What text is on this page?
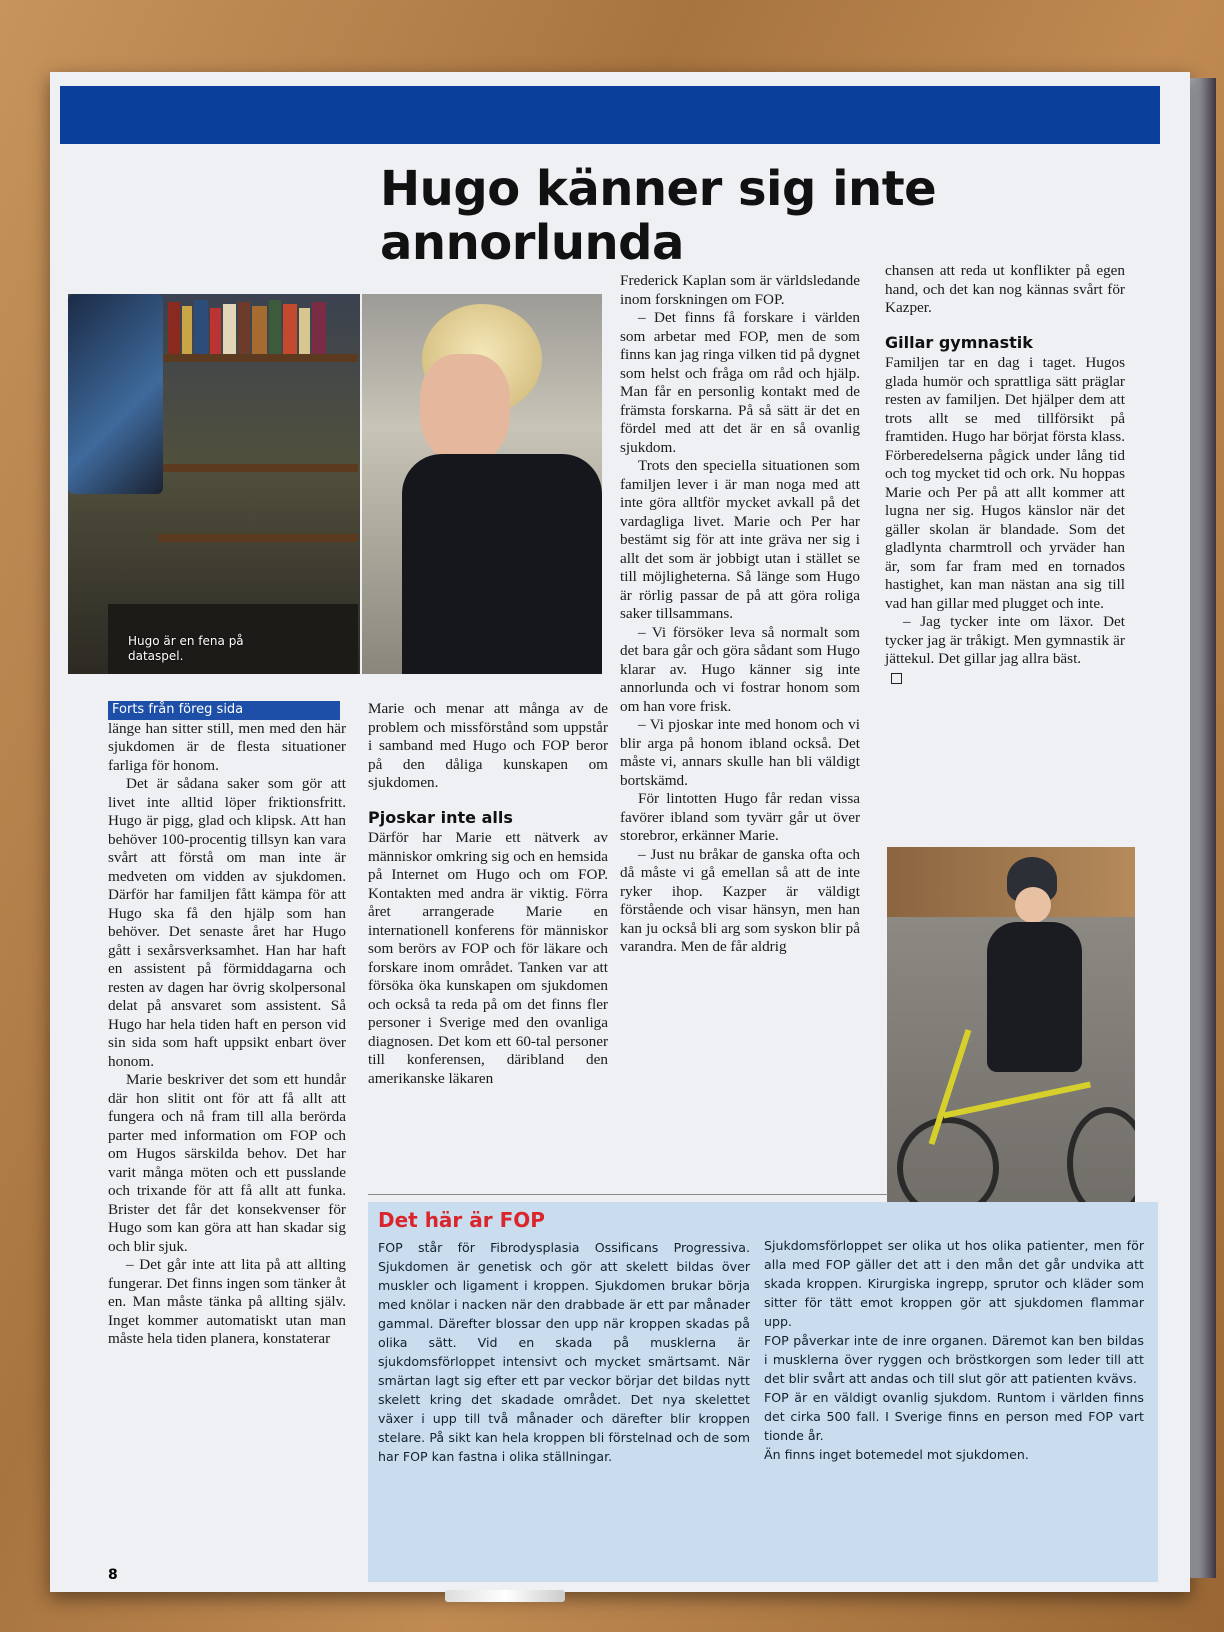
Hugo känner sig inte annorlunda
Hugo är en fena på dataspel.

Forts från föreg sida

länge han sitter still, men med den här sjukdomen är de flesta situationer farliga för honom.

Det är sådana saker som gör att livet inte alltid löper friktionsfritt. Hugo är pigg, glad och klipsk. Att han behöver 100-procentig tillsyn kan vara svårt att förstå om man inte är medveten om vidden av sjukdomen. Därför har familjen fått kämpa för att Hugo ska få den hjälp som han behöver. Det senaste året har Hugo gått i sexårsverksamhet. Han har haft en assistent på förmiddagarna och resten av dagen har övrig skolpersonal delat på ansvaret som assistent. Så Hugo har hela tiden haft en person vid sin sida som haft uppsikt enbart över honom.

Marie beskriver det som ett hundår där hon slitit ont för att få allt att fungera och nå fram till alla berörda parter med information om FOP och om Hugos särskilda behov. Det har varit många möten och ett pusslande och trixande för att få allt att funka. Brister det får det konsekvenser för Hugo som kan göra att han skadar sig och blir sjuk.

– Det går inte att lita på att allting fungerar. Det finns ingen som tänker åt en. Man måste tänka på allting själv. Inget kommer automatiskt utan man måste hela tiden planera, konstaterar

Marie och menar att många av de problem och missförstånd som uppstår i samband med Hugo och FOP beror på den dåliga kunskapen om sjukdomen.

Pjoskar inte alls

Därför har Marie ett nätverk av människor omkring sig och en hemsida på Internet om Hugo och om FOP. Kontakten med andra är viktig. Förra året arrangerade Marie en internationell konferens för människor som berörs av FOP och för läkare och forskare inom området. Tanken var att försöka öka kunskapen om sjukdomen och också ta reda på om det finns fler personer i Sverige med den ovanliga diagnosen. Det kom ett 60-tal personer till konferensen, däribland den amerikanske läkaren

Frederick Kaplan som är världsledande inom forskningen om FOP.

– Det finns få forskare i världen som arbetar med FOP, men de som finns kan jag ringa vilken tid på dygnet som helst och fråga om råd och hjälp. Man får en personlig kontakt med de främsta forskarna. På så sätt är det en fördel med att det är en så ovanlig sjukdom.

Trots den speciella situationen som familjen lever i är man noga med att inte göra alltför mycket avkall på det vardagliga livet. Marie och Per har bestämt sig för att inte gräva ner sig i allt det som är jobbigt utan i stället se till möjligheterna. Så länge som Hugo är rörlig passar de på att göra roliga saker tillsammans.

– Vi försöker leva så normalt som det bara går och göra sådant som Hugo klarar av. Hugo känner sig inte annorlunda och vi fostrar honom som om han vore frisk.

– Vi pjoskar inte med honom och vi blir arga på honom ibland också. Det måste vi, annars skulle han bli väldigt bortskämd.

För lintotten Hugo får redan vissa favörer ibland som tyvärr går ut över storebror, erkänner Marie.

– Just nu bråkar de ganska ofta och då måste vi gå emellan så att de inte ryker ihop. Kazper är väldigt förstående och visar hänsyn, men han kan ju också bli arg som syskon blir på varandra. Men de får aldrig

chansen att reda ut konflikter på egen hand, och det kan nog kännas svårt för Kazper.

Gillar gymnastik

Familjen tar en dag i taget. Hugos glada humör och sprattliga sätt präglar resten av familjen. Det hjälper dem att trots allt se med tillförsikt på framtiden. Hugo har börjat första klass. Förberedelserna pågick under lång tid och tog mycket tid och ork. Nu hoppas Marie och Per på att allt kommer att lugna ner sig. Hugos känslor när det gäller skolan är blandade. Som det gladlynta charmtroll och yrväder han är, som far fram med en tornados hastighet, kan man nästan ana sig till vad han gillar med plugget och inte.

– Jag tycker inte om läxor. Det tycker jag är tråkigt. Men gymnastik är jättekul. Det gillar jag allra bäst.

Det här är FOP

FOP står för Fibrodysplasia Ossificans Progressiva. Sjukdomen är genetisk och gör att skelett bildas över muskler och ligament i kroppen. Sjukdomen brukar börja med knölar i nacken när den drabbade är ett par månader gammal. Därefter blossar den upp när kroppen skadas på olika sätt. Vid en skada på musklerna är sjukdomsförloppet intensivt och mycket smärtsamt. När smärtan lagt sig efter ett par veckor börjar det bildas nytt skelett kring det skadade området. Det nya skelettet växer i upp till två månader och därefter blir kroppen stelare. På sikt kan hela kroppen bli förstelnad och de som har FOP kan fastna i olika ställningar.

Sjukdomsförloppet ser olika ut hos olika patienter, men för alla med FOP gäller det att i den mån det går undvika att skada kroppen. Kirurgiska ingrepp, sprutor och kläder som sitter för tätt emot kroppen gör att sjukdomen flammar upp.

FOP påverkar inte de inre organen. Däremot kan ben bildas i musklerna över ryggen och bröstkorgen som leder till att det blir svårt att andas och till slut gör att patienten kvävs.

FOP är en väldigt ovanlig sjukdom. Runtom i världen finns det cirka 500 fall. I Sverige finns en person med FOP vart tionde år.

Än finns inget botemedel mot sjukdomen.

8
